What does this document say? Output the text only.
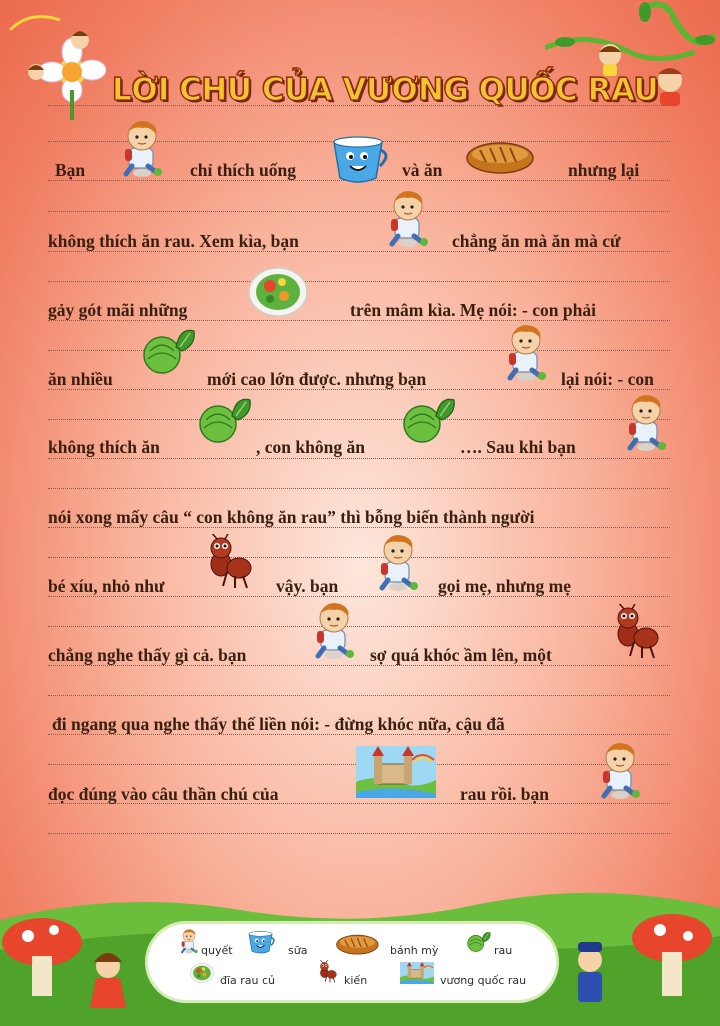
LỜI CHÚ CỦA VƯƠNG QUỐC RAU
Bạn	chỉ thích uống	và ăn	nhưng lại
không thích ăn rau. Xem kìa, bạn	chẳng ăn mà ăn mà cứ
gảy gót mãi những	trên mâm kìa. Mẹ nói: - con phải
ăn nhiều	mới cao lớn được. nhưng bạn	lại nói: - con
không thích ăn	, con không ăn	…. Sau khi bạn
nói xong mấy câu “ con không ăn rau” thì bỗng biến thành người
bé xíu, nhỏ như	vậy. bạn	gọi mẹ, nhưng mẹ
chẳng nghe thấy gì cả. bạn	sợ quá khóc ầm lên, một
đi ngang qua nghe thấy thế liền nói: - đừng khóc nữa, cậu đã
đọc đúng vào câu thần chú của	rau rồi. bạn
quyết	sữa	bánh mỳ	rau
đĩa rau củ	kiến	vương quốc rau
